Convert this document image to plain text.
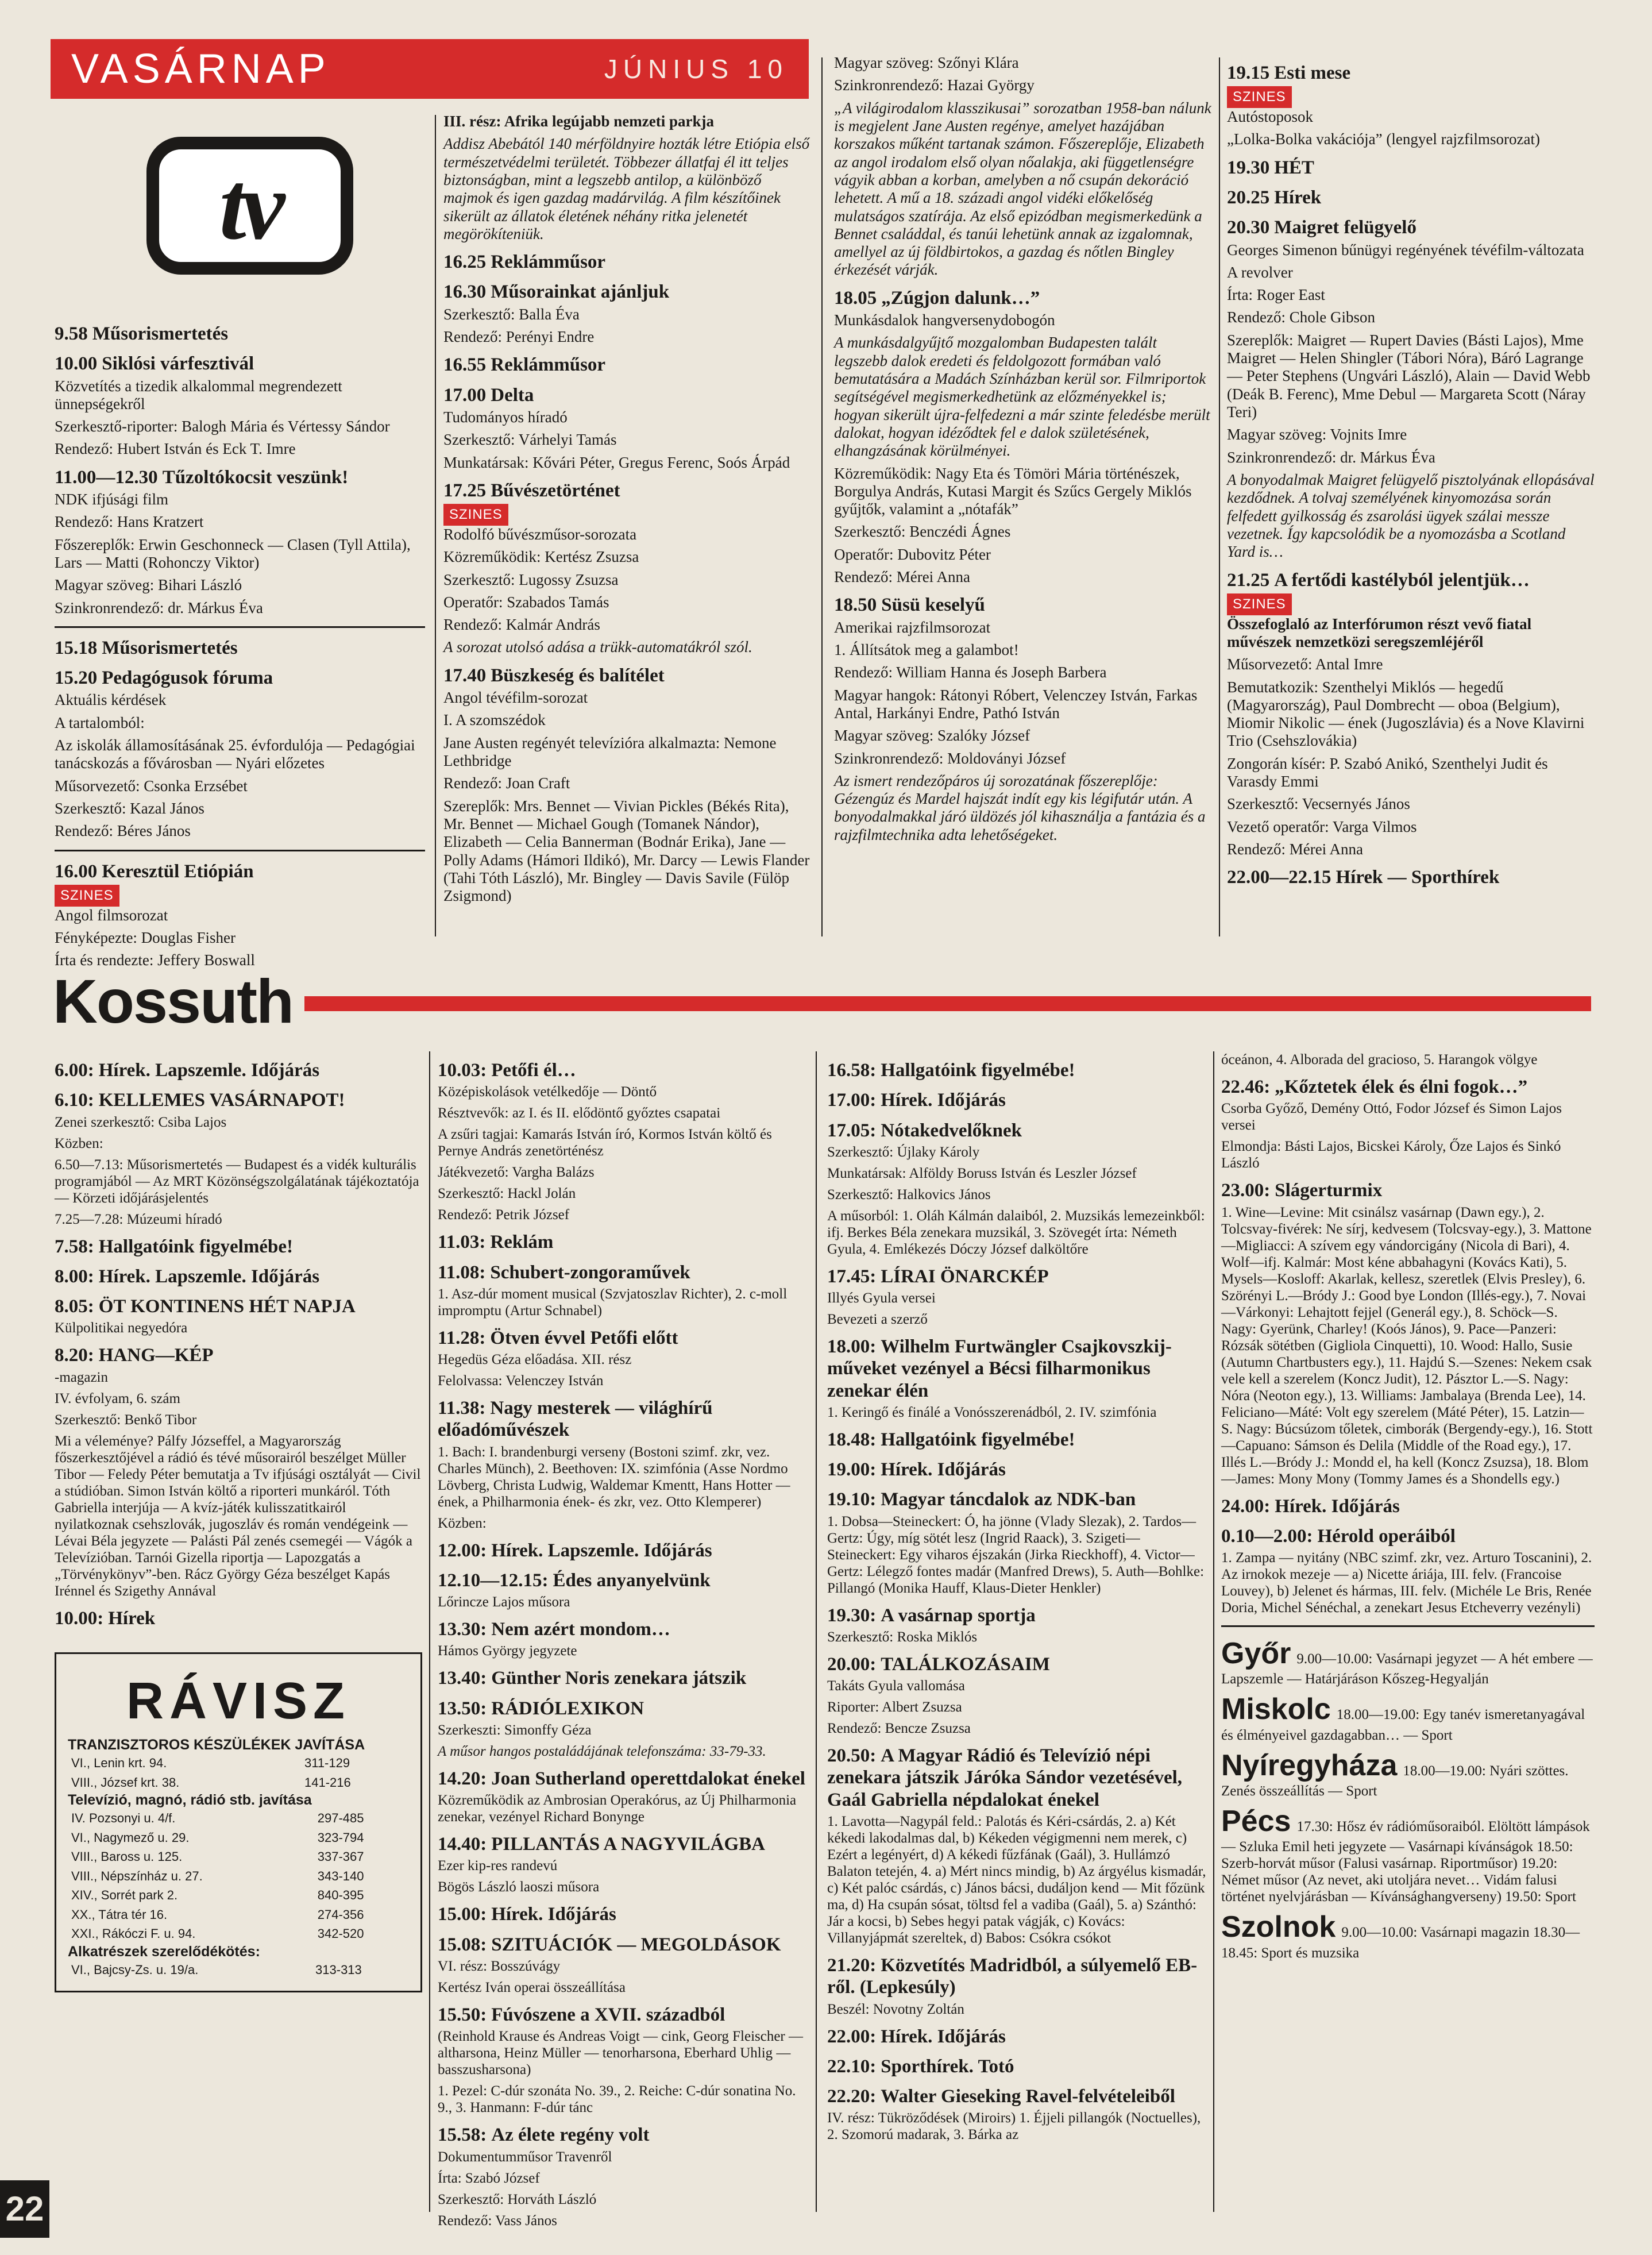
VASÁRNAP	JÚNIUS 10
tv
9.58 Műsorismertetés
10.00 Siklósi várfesztivál

Közvetítés a tizedik alkalommal megrendezett ünnepségekről

Szerkesztő-riporter: Balogh Mária és Vértessy Sándor

Rendező: Hubert István és Eck T. Imre

11.00—12.30 Tűzoltókocsit veszünk!

NDK ifjúsági film

Rendező: Hans Kratzert

Főszereplők: Erwin Geschonneck — Clasen (Tyll Attila), Lars — Matti (Rohonczy Viktor)

Magyar szöveg: Bihari László

Szinkronrendező: dr. Márkus Éva

15.18 Műsorismertetés
15.20 Pedagógusok fóruma

Aktuális kérdések

A tartalomból:

Az iskolák államosításának 25. évfordulója — Pedagógiai tanácskozás a fővárosban — Nyári előzetes

Műsorvezető: Csonka Erzsébet

Szerkesztő: Kazal János

Rendező: Béres János

16.00 Keresztül Etiópián
SZINES

Angol filmsorozat

Fényképezte: Douglas Fisher

Írta és rendezte: Jeffery Boswall

III. rész: Afrika legújabb nemzeti parkja

Addisz Abebától 140 mérföldnyire hozták létre Etiópia első természetvédelmi területét. Többezer állatfaj él itt teljes biztonságban, mint a legszebb antilop, a különböző majmok és igen gazdag madárvilág. A film készítőinek sikerült az állatok életének néhány ritka jelenetét megörökíteniük.

16.25 Reklámműsor
16.30 Műsorainkat ajánljuk

Szerkesztő: Balla Éva

Rendező: Perényi Endre

16.55 Reklámműsor
17.00 Delta

Tudományos híradó

Szerkesztő: Várhelyi Tamás

Munkatársak: Kővári Péter, Gregus Ferenc, Soós Árpád

17.25 Bűvészetörténet
SZINES

Rodolfó bűvészműsor-sorozata

Közreműködik: Kertész Zsuzsa

Szerkesztő: Lugossy Zsuzsa

Operatőr: Szabados Tamás

Rendező: Kalmár András

A sorozat utolsó adása a trükk-automatákról szól.

17.40 Büszkeség és balítélet

Angol tévéfilm-sorozat

I. A szomszédok

Jane Austen regényét televízióra alkalmazta: Nemone Lethbridge

Rendező: Joan Craft

Szereplők: Mrs. Bennet — Vivian Pickles (Békés Rita), Mr. Bennet — Michael Gough (Tomanek Nándor), Elizabeth — Celia Bannerman (Bodnár Erika), Jane — Polly Adams (Hámori Ildikó), Mr. Darcy — Lewis Flander (Tahi Tóth László), Mr. Bingley — Davis Savile (Fülöp Zsigmond)

Magyar szöveg: Szőnyi Klára

Szinkronrendező: Hazai György

„A világirodalom klasszikusai” sorozatban 1958-ban nálunk is megjelent Jane Austen regénye, amelyet hazájában korszakos műként tartanak számon. Főszereplője, Elizabeth az angol irodalom első olyan nőalakja, aki függetlenségre vágyik abban a korban, amelyben a nő csupán dekoráció lehetett. A mű a 18. századi angol vidéki előkelőség mulatságos szatírája. Az első epizódban megismerkedünk a Bennet családdal, és tanúi lehetünk annak az izgalomnak, amellyel az új földbirtokos, a gazdag és nőtlen Bingley érkezését várják.

18.05 „Zúgjon dalunk…”

Munkásdalok hangversenydobogón

A munkásdalgyűjtő mozgalomban Budapesten talált legszebb dalok eredeti és feldolgozott formában való bemutatására a Madách Színházban kerül sor. Filmriportok segítségével megismerkedhetünk az előzményekkel is; hogyan sikerült újra-felfedezni a már szinte feledésbe merült dalokat, hogyan idéződtek fel e dalok születésének, elhangzásának körülményei.

Közreműködik: Nagy Eta és Tömöri Mária történészek, Borgulya András, Kutasi Margit és Szűcs Gergely Miklós gyűjtők, valamint a „nótafák”

Szerkesztő: Benczédi Ágnes

Operatőr: Dubovitz Péter

Rendező: Mérei Anna

18.50 Süsü keselyű

Amerikai rajzfilmsorozat

1. Állítsátok meg a galambot!

Rendező: William Hanna és Joseph Barbera

Magyar hangok: Rátonyi Róbert, Velenczey István, Farkas Antal, Harkányi Endre, Pathó István

Magyar szöveg: Szalóky József

Szinkronrendező: Moldoványi József

Az ismert rendezőpáros új sorozatának főszereplője: Gézengúz és Mardel hajszát indít egy kis légifutár után. A bonyodalmakkal járó üldözés jól kihasználja a fantázia és a rajzfilmtechnika adta lehetőségeket.

19.15 Esti mese
SZINES

Autóstoposok

„Lolka-Bolka vakációja” (lengyel rajzfilmsorozat)

19.30 HÉT
20.25 Hírek
20.30 Maigret felügyelő

Georges Simenon bűnügyi regényének tévéfilm-változata

A revolver

Írta: Roger East

Rendező: Chole Gibson

Szereplők: Maigret — Rupert Davies (Básti Lajos), Mme Maigret — Helen Shingler (Tábori Nóra), Báró Lagrange — Peter Stephens (Ungvári László), Alain — David Webb (Deák B. Ferenc), Mme Debul — Margareta Scott (Náray Teri)

Magyar szöveg: Vojnits Imre

Szinkronrendező: dr. Márkus Éva

A bonyodalmak Maigret felügyelő pisztolyának ellopásával kezdődnek. A tolvaj személyének kinyomozása során felfedett gyilkosság és zsarolási ügyek szálai messze vezetnek. Így kapcsolódik be a nyomozásba a Scotland Yard is…

21.25 A fertődi kastélyból jelentjük…
SZINES

Összefoglaló az Interfórumon részt vevő fiatal művészek nemzetközi seregszemléjéről

Műsorvezető: Antal Imre

Bemutatkozik: Szenthelyi Miklós — hegedű (Magyarország), Paul Dombrecht — oboa (Belgium), Miomir Nikolic — ének (Jugoszlávia) és a Nove Klavirni Trio (Csehszlovákia)

Zongorán kísér: P. Szabó Anikó, Szenthelyi Judit és Varasdy Emmi

Szerkesztő: Vecsernyés János

Vezető operatőr: Varga Vilmos

Rendező: Mérei Anna

22.00—22.15 Hírek — Sporthírek
Kossuth
6.00: Hírek. Lapszemle. Időjárás
6.10: KELLEMES VASÁRNAPOT!

Zenei szerkesztő: Csiba Lajos

Közben:

6.50—7.13: Műsorismertetés — Budapest és a vidék kulturális programjából — Az MRT Közönségszolgálatának tájékoztatója — Körzeti időjárásjelentés

7.25—7.28: Múzeumi híradó

7.58: Hallgatóink figyelmébe!
8.00: Hírek. Lapszemle. Időjárás
8.05: ÖT KONTINENS HÉT NAPJA

Külpolitikai negyedóra

8.20: HANG—KÉP

-magazin

IV. évfolyam, 6. szám

Szerkesztő: Benkő Tibor

Mi a véleménye? Pálfy Józseffel, a Magyarország főszerkesztőjével a rádió és tévé műsorairól beszélget Müller Tibor — Feledy Péter bemutatja a Tv ifjúsági osztályát — Civil a stúdióban. Simon István költő a riporteri munkáról. Tóth Gabriella interjúja — A kvíz-játék kulisszatitkairól nyilatkoznak csehszlovák, jugoszláv és román vendégeink — Lévai Béla jegyzete — Palásti Pál zenés csemegéi — Vágók a Televízióban. Tarnói Gizella riportja — Lapozgatás a „Törvénykönyv”-ben. Rácz György Géza beszélget Kapás Irénnel és Szigethy Annával

10.00: Hírek
RÁVISZ
TRANZISZTOROS KÉSZÜLÉKEK JAVÍTÁSA
VI., Lenin krt. 94.	311-129
VIII., József krt. 38.	141-216
Televízió, magnó, rádió stb. javítása
IV. Pozsonyi u. 4/f.	297-485
VI., Nagymező u. 29.	323-794
VIII., Baross u. 125.	337-367
VIII., Népszínház u. 27.	343-140
XIV., Sorrét park 2.	840-395
XX., Tátra tér 16.	274-356
XXI., Rákóczi F. u. 94.	342-520
Alkatrészek szerelődékötés:
VI., Bajcsy-Zs. u. 19/a.	313-313
10.03: Petőfi él…

Középiskolások vetélkedője — Döntő

Résztvevők: az I. és II. elődöntő győztes csapatai

A zsűri tagjai: Kamarás István író, Kormos István költő és Pernye András zenetörténész

Játékvezető: Vargha Balázs

Szerkesztő: Hackl Jolán

Rendező: Petrik József

11.03: Reklám
11.08: Schubert-zongoraművek

1. Asz-dúr moment musical (Szvjatoszlav Richter), 2. c-moll impromptu (Artur Schnabel)

11.28: Ötven évvel Petőfi előtt

Hegedüs Géza előadása. XII. rész

Felolvassa: Velenczey István

11.38: Nagy mesterek — világhírű előadóművészek

1. Bach: I. brandenburgi verseny (Bostoni szimf. zkr, vez. Charles Münch), 2. Beethoven: IX. szimfónia (Asse Nordmo Lövberg, Christa Ludwig, Waldemar Kmentt, Hans Hotter — ének, a Philharmonia ének- és zkr, vez. Otto Klemperer)

Közben:

12.00: Hírek. Lapszemle. Időjárás
12.10—12.15: Édes anyanyelvünk

Lőrincze Lajos műsora

13.30: Nem azért mondom…

Hámos György jegyzete

13.40: Günther Noris zenekara játszik
13.50: RÁDIÓLEXIKON

Szerkeszti: Simonffy Géza

A műsor hangos postaládájának telefonszáma: 33-79-33.

14.20: Joan Sutherland operettdalokat énekel

Közreműködik az Ambrosian Operakórus, az Új Philharmonia zenekar, vezényel Richard Bonynge

14.40: PILLANTÁS A NAGYVILÁGBA

Ezer kip-res randevú

Bögös László laoszi műsora

15.00: Hírek. Időjárás
15.08: SZITUÁCIÓK — MEGOLDÁSOK

VI. rész: Bosszúvágy

Kertész Iván operai összeállítása

15.50: Fúvószene a XVII. századból

(Reinhold Krause és Andreas Voigt — cink, Georg Fleischer — altharsona, Heinz Müller — tenorharsona, Eberhard Uhlig — basszusharsona)

1. Pezel: C-dúr szonáta No. 39., 2. Reiche: C-dúr sonatina No. 9., 3. Hanmann: F-dúr tánc

15.58: Az élete regény volt

Dokumentumműsor Travenről

Írta: Szabó József

Szerkesztő: Horváth László

Rendező: Vass János

16.58: Hallgatóink figyelmébe!
17.00: Hírek. Időjárás
17.05: Nótakedvelőknek

Szerkesztő: Újlaky Károly

Munkatársak: Alföldy Boruss István és Leszler József

Szerkesztő: Halkovics János

A műsorból: 1. Oláh Kálmán dalaiból, 2. Muzsikás lemezeinkből: ifj. Berkes Béla zenekara muzsikál, 3. Szövegét írta: Németh Gyula, 4. Emlékezés Dóczy József dalköltőre

17.45: LÍRAI ÖNARCKÉP

Illyés Gyula versei

Bevezeti a szerző

18.00: Wilhelm Furtwängler Csajkovszkij-műveket vezényel a Bécsi filharmonikus zenekar élén

1. Keringő és finálé a Vonósszerenádból, 2. IV. szimfónia

18.48: Hallgatóink figyelmébe!
19.00: Hírek. Időjárás
19.10: Magyar táncdalok az NDK-ban

1. Dobsa—Steineckert: Ó, ha jönne (Vlady Slezak), 2. Tardos—Gertz: Úgy, míg sötét lesz (Ingrid Raack), 3. Szigeti—Steineckert: Egy viharos éjszakán (Jirka Rieckhoff), 4. Victor—Gertz: Lélegző fontes madár (Manfred Drews), 5. Auth—Bohlke: Pillangó (Monika Hauff, Klaus-Dieter Henkler)

19.30: A vasárnap sportja

Szerkesztő: Roska Miklós

20.00: TALÁLKOZÁSAIM

Takáts Gyula vallomása

Riporter: Albert Zsuzsa

Rendező: Bencze Zsuzsa

20.50: A Magyar Rádió és Televízió népi zenekara játszik Járóka Sándor vezetésével, Gaál Gabriella népdalokat énekel

1. Lavotta—Nagypál feld.: Palotás és Kéri-csárdás, 2. a) Két kékedi lakodalmas dal, b) Kékeden végigmenni nem merek, c) Ezért a legényért, d) A kékedi fűzfának (Gaál), 3. Hullámzó Balaton tetején, 4. a) Mért nincs mindig, b) Az árgyélus kismadár, c) Két palóc csárdás, c) János bácsi, dudáljon kend — Mit főzünk ma, d) Ha csupán sósat, töltsd fel a vadiba (Gaál), 5. a) Szánthó: Jár a kocsi, b) Sebes hegyi patak vágják, c) Kovács: Villanyjápmát szereltek, d) Babos: Csókra csókot

21.20: Közvetítés Madridból, a súlyemelő EB-ről. (Lepkesúly)

Beszél: Novotny Zoltán

22.00: Hírek. Időjárás
22.10: Sporthírek. Totó
22.20: Walter Gieseking Ravel-felvételeiből

IV. rész: Tükröződések (Miroirs) 1. Éjjeli pillangók (Noctuelles), 2. Szomorú madarak, 3. Bárka az

óceánon, 4. Alborada del gracioso, 5. Harangok völgye

22.46: „Kőztetek élek és élni fogok…”

Csorba Győző, Demény Ottó, Fodor József és Simon Lajos versei

Elmondja: Básti Lajos, Bicskei Károly, Őze Lajos és Sinkó László

23.00: Slágerturmix

1. Wine—Levine: Mit csinálsz vasárnap (Dawn egy.), 2. Tolcsvay-fivérek: Ne sírj, kedvesem (Tolcsvay-egy.), 3. Mattone—Migliacci: A szívem egy vándorcigány (Nicola di Bari), 4. Wolf—ifj. Kalmár: Most kéne abbahagyni (Kovács Kati), 5. Mysels—Kosloff: Akarlak, kellesz, szeretlek (Elvis Presley), 6. Szörényi L.—Bródy J.: Good bye London (Illés-egy.), 7. Novai—Várkonyi: Lehajtott fejjel (Generál egy.), 8. Schöck—S. Nagy: Gyerünk, Charley! (Koós János), 9. Pace—Panzeri: Rózsák sötétben (Gigliola Cinquetti), 10. Wood: Hallo, Susie (Autumn Chartbusters egy.), 11. Hajdú S.—Szenes: Nekem csak vele kell a szerelem (Koncz Judit), 12. Pásztor L.—S. Nagy: Nóra (Neoton egy.), 13. Williams: Jambalaya (Brenda Lee), 14. Feliciano—Máté: Volt egy szerelem (Máté Péter), 15. Latzin—S. Nagy: Búcsúzom tőletek, cimborák (Bergendy-egy.), 16. Stott—Capuano: Sámson és Delila (Middle of the Road egy.), 17. Illés L.—Bródy J.: Mondd el, ha kell (Koncz Zsuzsa), 18. Blom—James: Mony Mony (Tommy James és a Shondells egy.)

24.00: Hírek. Időjárás
0.10—2.00: Hérold operáiból

1. Zampa — nyitány (NBC szimf. zkr, vez. Arturo Toscanini), 2. Az irnokok mezeje — a) Nicette áriája, III. felv. (Francoise Louvey), b) Jelenet és hármas, III. felv. (Michéle Le Bris, Renée Doria, Michel Sénéchal, a zenekart Jesus Etcheverry vezényli)

Győr 9.00—10.00: Vasárnapi jegyzet — A hét embere — Lapszemle — Határjáráson Kőszeg-Hegyalján

Miskolc 18.00—19.00: Egy tanév ismeretanyagával és élményeivel gazdagabban… — Sport

Nyíregyháza 18.00—19.00: Nyári szöttes. Zenés összeállítás — Sport

Pécs 17.30: Hősz év rádióműsoraiból. Elöltött lámpások — Szluka Emil heti jegyzete — Vasárnapi kívánságok 18.50: Szerb-horvát műsor (Falusi vasárnap. Riportműsor) 19.20: Német műsor (Az nevet, aki utoljára nevet… Vidám falusi történet nyelvjárásban — Kívánsághangverseny) 19.50: Sport

Szolnok 9.00—10.00: Vasárnapi magazin 18.30—18.45: Sport és muzsika

22
